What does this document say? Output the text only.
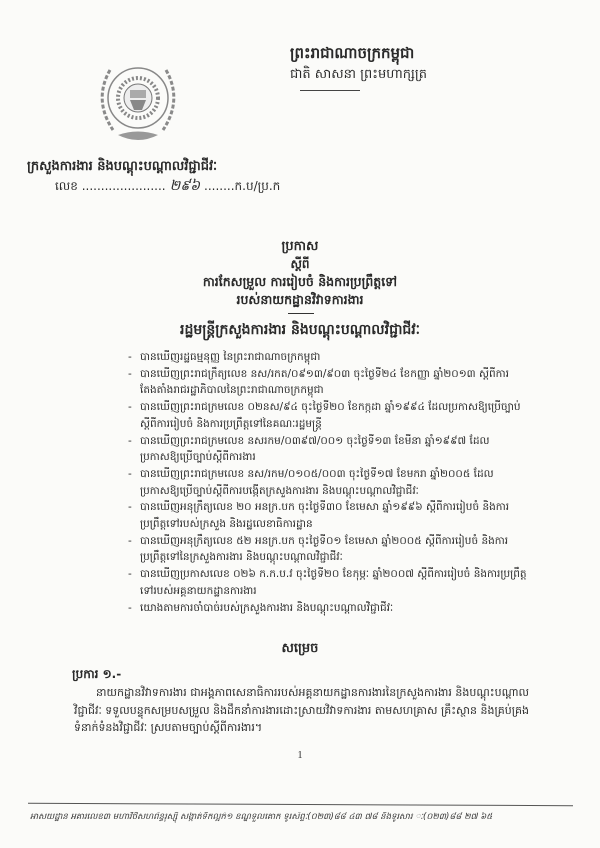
ព្រះរាជាណាចក្រកម្ពុជា
ជាតិ សាសនា ព្រះមហាក្សត្រ
ក្រសួងការងារ និងបណ្តុះបណ្តាលវិជ្ជាជីវៈ
លេខ ...................... ២៩៦ ........ក.ប/ប្រ.ក
ប្រកាស
ស្តីពី
ការកែសម្រួល ការរៀបចំ និងការប្រព្រឹត្តទៅ
របស់នាយកដ្ឋានវិវាទការងារ
រដ្ឋមន្ត្រីក្រសួងការងារ និងបណ្តុះបណ្តាលវិជ្ជាជីវៈ
- បានឃើញរដ្ឋធម្មនុញ្ញ នៃព្រះរាជាណាចក្រកម្ពុជា
- បានឃើញព្រះរាជក្រឹត្យលេខ នស/រកត/០៩១៣/៩០៣ ចុះថ្ងៃទី២៤ ខែកញ្ញា ឆ្នាំ២០១៣ ស្តីពីការតែងតាំងរាជរដ្ឋាភិបាលនៃព្រះរាជាណាចក្រកម្ពុជា
- បានឃើញព្រះរាជក្រមលេខ ០២នស/៩៤ ចុះថ្ងៃទី២០ ខែកក្កដា ឆ្នាំ១៩៩៤ ដែលប្រកាសឱ្យប្រើច្បាប់ស្តីពីការរៀបចំ និងការប្រព្រឹត្តទៅនៃគណៈរដ្ឋមន្ត្រី
- បានឃើញព្រះរាជក្រមលេខ នសរកម/០៣៩៧/០០១ ចុះថ្ងៃទី១៣ ខែមីនា ឆ្នាំ១៩៩៧ ដែលប្រកាសឱ្យប្រើច្បាប់ស្តីពីការងារ
- បានឃើញព្រះរាជក្រមលេខ នស/រកម/០១០៥/០០៣ ចុះថ្ងៃទី១៧ ខែមករា ឆ្នាំ២០០៥ ដែលប្រកាសឱ្យប្រើច្បាប់ស្តីពីការបង្កើតក្រសួងការងារ និងបណ្តុះបណ្តាលវិជ្ជាជីវៈ
- បានឃើញអនុក្រឹត្យលេខ ២០ អនក្រ.បក ចុះថ្ងៃទី៣០ ខែមេសា ឆ្នាំ១៩៩៦ ស្តីពីការរៀបចំ និងការប្រព្រឹត្តទៅរបស់ក្រសួង និងរដ្ឋលេខាធិការដ្ឋាន
- បានឃើញអនុក្រឹត្យលេខ ៥២ អនក្រ.បក ចុះថ្ងៃទី០១ ខែមេសា ឆ្នាំ២០០៥ ស្តីពីការរៀបចំ និងការប្រព្រឹត្តទៅនៃក្រសួងការងារ និងបណ្តុះបណ្តាលវិជ្ជាជីវៈ
- បានឃើញប្រកាសលេខ ០២៦ ក.ក.ប.វ ចុះថ្ងៃទី២០ ខែកុម្ភៈ ឆ្នាំ២០០៧ ស្តីពីការរៀបចំ និងការប្រព្រឹត្តទៅរបស់អគ្គនាយកដ្ឋានការងារ
- យោងតាមការចាំបាច់របស់ក្រសួងការងារ និងបណ្តុះបណ្តាលវិជ្ជាជីវៈ
សម្រេច
ប្រការ ១.-
នាយកដ្ឋានវិវាទការងារ ជាអង្គភាពសេនាធិការរបស់អគ្គនាយកដ្ឋានការងារនៃក្រសួងការងារ និងបណ្តុះបណ្តាលវិជ្ជាជីវៈ ទទួលបន្ទុកសម្របសម្រួល និងដឹកនាំការងារដោះស្រាយវិវាទការងារ តាមសហគ្រាស គ្រឹះស្ថាន និងគ្រប់គ្រងទំនាក់ទំនងវិជ្ជាជីវៈ ស្របតាមច្បាប់ស្តីពីការងារ។
1
អាសយដ្ឋាន អគារលេខ៣ មហាវិថីសហព័ន្ធរុស្ស៊ី សង្កាត់ទឹកល្អក់១ ខណ្ឌទួលគោក ទូរស័ព្ទៈ(០២៣)៨៨ ៤៣ ៧៨ និងទូរសារ ៈ(០២៣)៨៨ ២៧ ៦៥
